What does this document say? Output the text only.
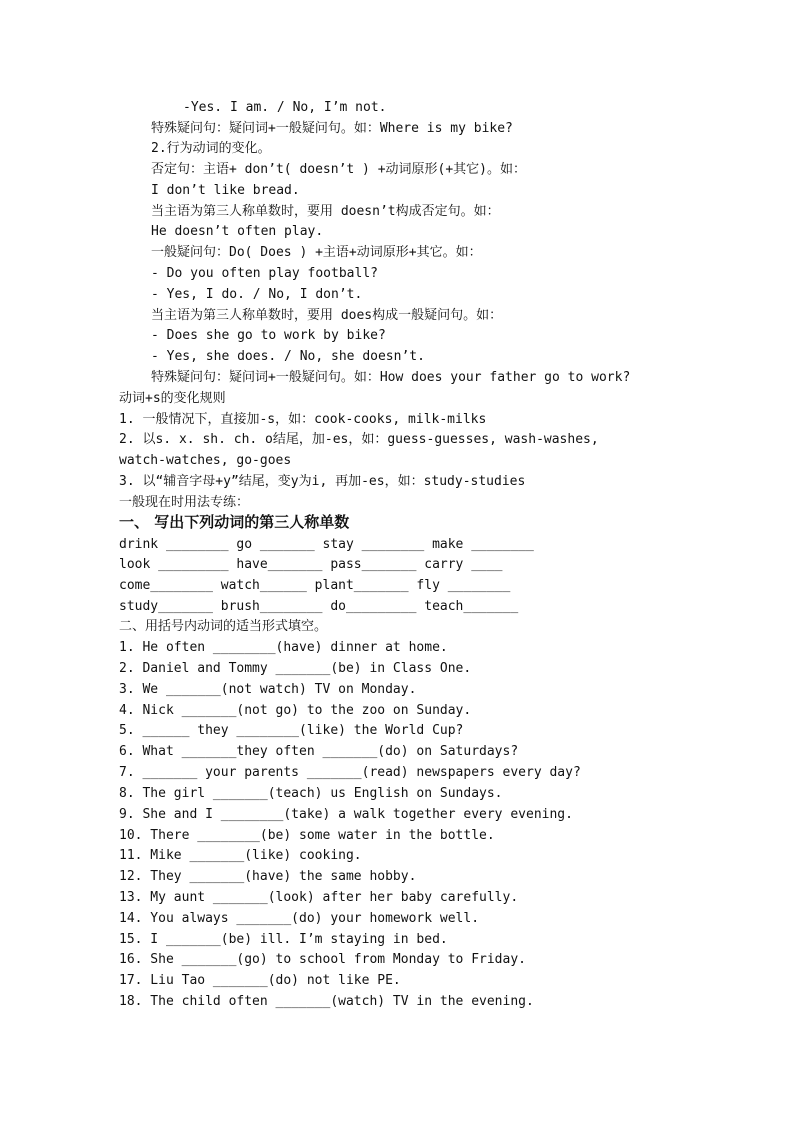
-Yes. I am. / No, I’m not.
特殊疑问句：疑问词+一般疑问句。如：Where is my bike?
2.行为动词的变化。
否定句：主语+ don’t( doesn’t ) +动词原形(+其它)。如：
I don’t like bread.
当主语为第三人称单数时，要用 doesn’t构成否定句。如：
He doesn’t often play.
一般疑问句：Do( Does ) +主语+动词原形+其它。如：
- Do you often play football?
- Yes, I do. / No, I don’t.
当主语为第三人称单数时，要用 does构成一般疑问句。如：
- Does she go to work by bike?
- Yes, she does. / No, she doesn’t.
特殊疑问句：疑问词+一般疑问句。如：How does your father go to work?
动词+s的变化规则
1. 一般情况下，直接加-s，如：cook-cooks, milk-milks
2. 以s. x. sh. ch. o结尾，加-es，如：guess-guesses, wash-washes,
watch-watches, go-goes
3. 以“辅音字母+y”结尾，变y为i, 再加-es，如：study-studies
一般现在时用法专练：
一、 写出下列动词的第三人称单数
drink ________ go _______ stay ________ make ________
look _________ have_______ pass_______ carry ____
come________ watch______ plant_______ fly ________
study_______ brush________ do_________ teach_______
二、用括号内动词的适当形式填空。
1. He often ________(have) dinner at home.
2. Daniel and Tommy _______(be) in Class One.
3. We _______(not watch) TV on Monday.
4. Nick _______(not go) to the zoo on Sunday.
5. ______ they ________(like) the World Cup?
6. What _______they often _______(do) on Saturdays?
7. _______ your parents _______(read) newspapers every day?
8. The girl _______(teach) us English on Sundays.
9. She and I ________(take) a walk together every evening.
10. There ________(be) some water in the bottle.
11. Mike _______(like) cooking.
12. They _______(have) the same hobby.
13. My aunt _______(look) after her baby carefully.
14. You always _______(do) your homework well.
15. I _______(be) ill. I’m staying in bed.
16. She _______(go) to school from Monday to Friday.
17. Liu Tao _______(do) not like PE.
18. The child often _______(watch) TV in the evening.
